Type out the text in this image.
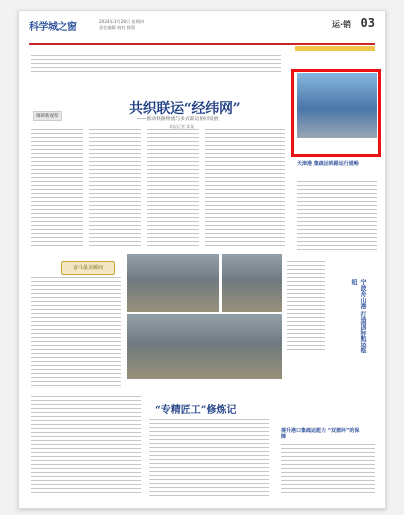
科学城之窗
2024年3月28日 星期四
责任编辑 校对 排版	运·销 03
调研新观察	共织联运“经纬网”
——推动铁路物流与多式联运协同发展
本报记者 某某
天津港 集疏运铁路运行通畅
奋斗最美瞬间
宁波舟山港 打造国际航运枢纽
“专精匠工”修炼记
提升港口集疏运能力 “双循环”的保障
